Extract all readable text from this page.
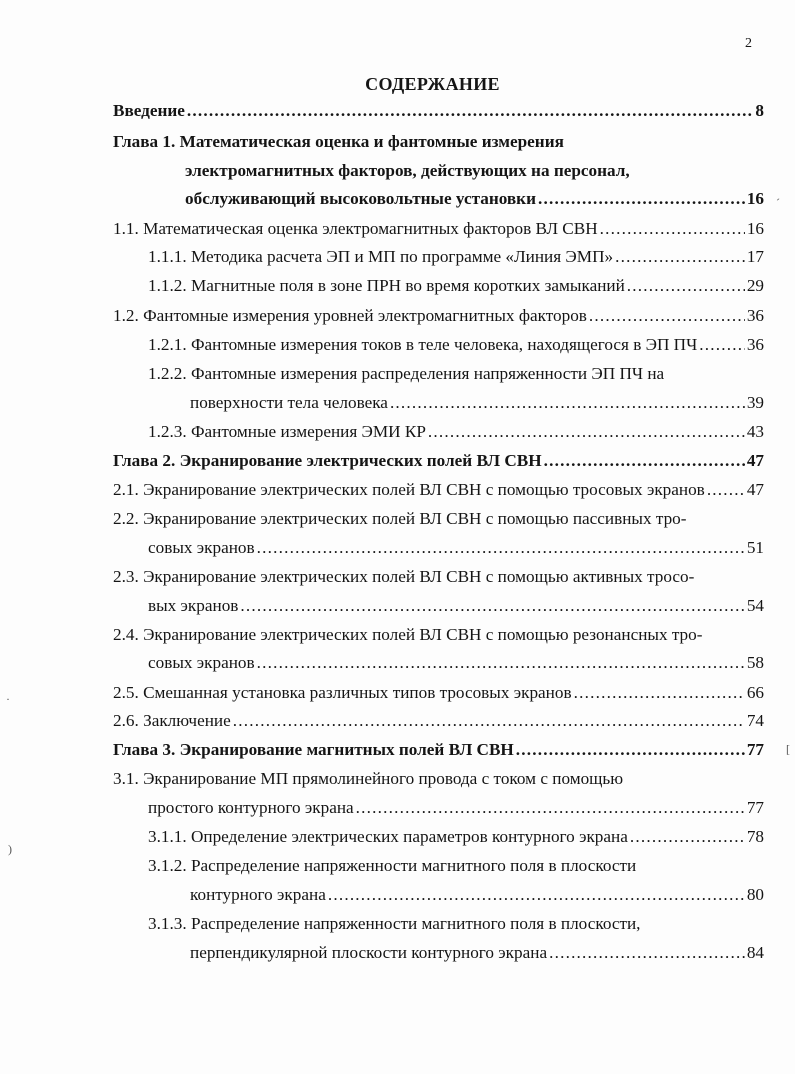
2
СОДЕРЖАНИЕ
Введение .....	8
Глава 1. Математическая оценка и фантомные измерения
электромагнитных факторов, действующих на персонал,
обслуживающий высоковольтные установки .....	16
1.1. Математическая оценка электромагнитных факторов ВЛ СВН .....	16
1.1.1. Методика расчета ЭП и МП по программе «Линия ЭМП» .....	17
1.1.2. Магнитные поля в зоне ПРН во время коротких замыканий .....	29
1.2. Фантомные измерения уровней электромагнитных факторов .....	36
1.2.1. Фантомные измерения токов в теле человека, находящегося в ЭП ПЧ .....	36
1.2.2. Фантомные измерения распределения напряженности ЭП ПЧ на
поверхности тела человека .....	39
1.2.3. Фантомные измерения ЭМИ КР .....	43
Глава 2. Экранирование электрических полей ВЛ СВН .....	47
2.1. Экранирование электрических полей ВЛ СВН с помощью тросовых экранов ..... 47
2.2. Экранирование электрических полей ВЛ СВН с помощью пассивных тро-
совых экранов .....	51
2.3. Экранирование электрических полей ВЛ СВН с помощью активных тросо-
вых экранов .....	54
2.4. Экранирование электрических полей ВЛ СВН с помощью резонансных тро-
совых экранов .....	58
2.5. Смешанная установка различных типов тросовых экранов .....	66
2.6. Заключение .....	74
Глава 3. Экранирование магнитных полей ВЛ СВН .....	77
3.1. Экранирование МП прямолинейного провода с током с помощью
простого контурного экрана .....	77
3.1.1. Определение электрических параметров контурного экрана .....	78
3.1.2. Распределение напряженности магнитного поля в плоскости
контурного экрана .....	80
3.1.3. Распределение напряженности магнитного поля в плоскости,
перпендикулярной плоскости контурного экрана .....	84
´
[
)
·
